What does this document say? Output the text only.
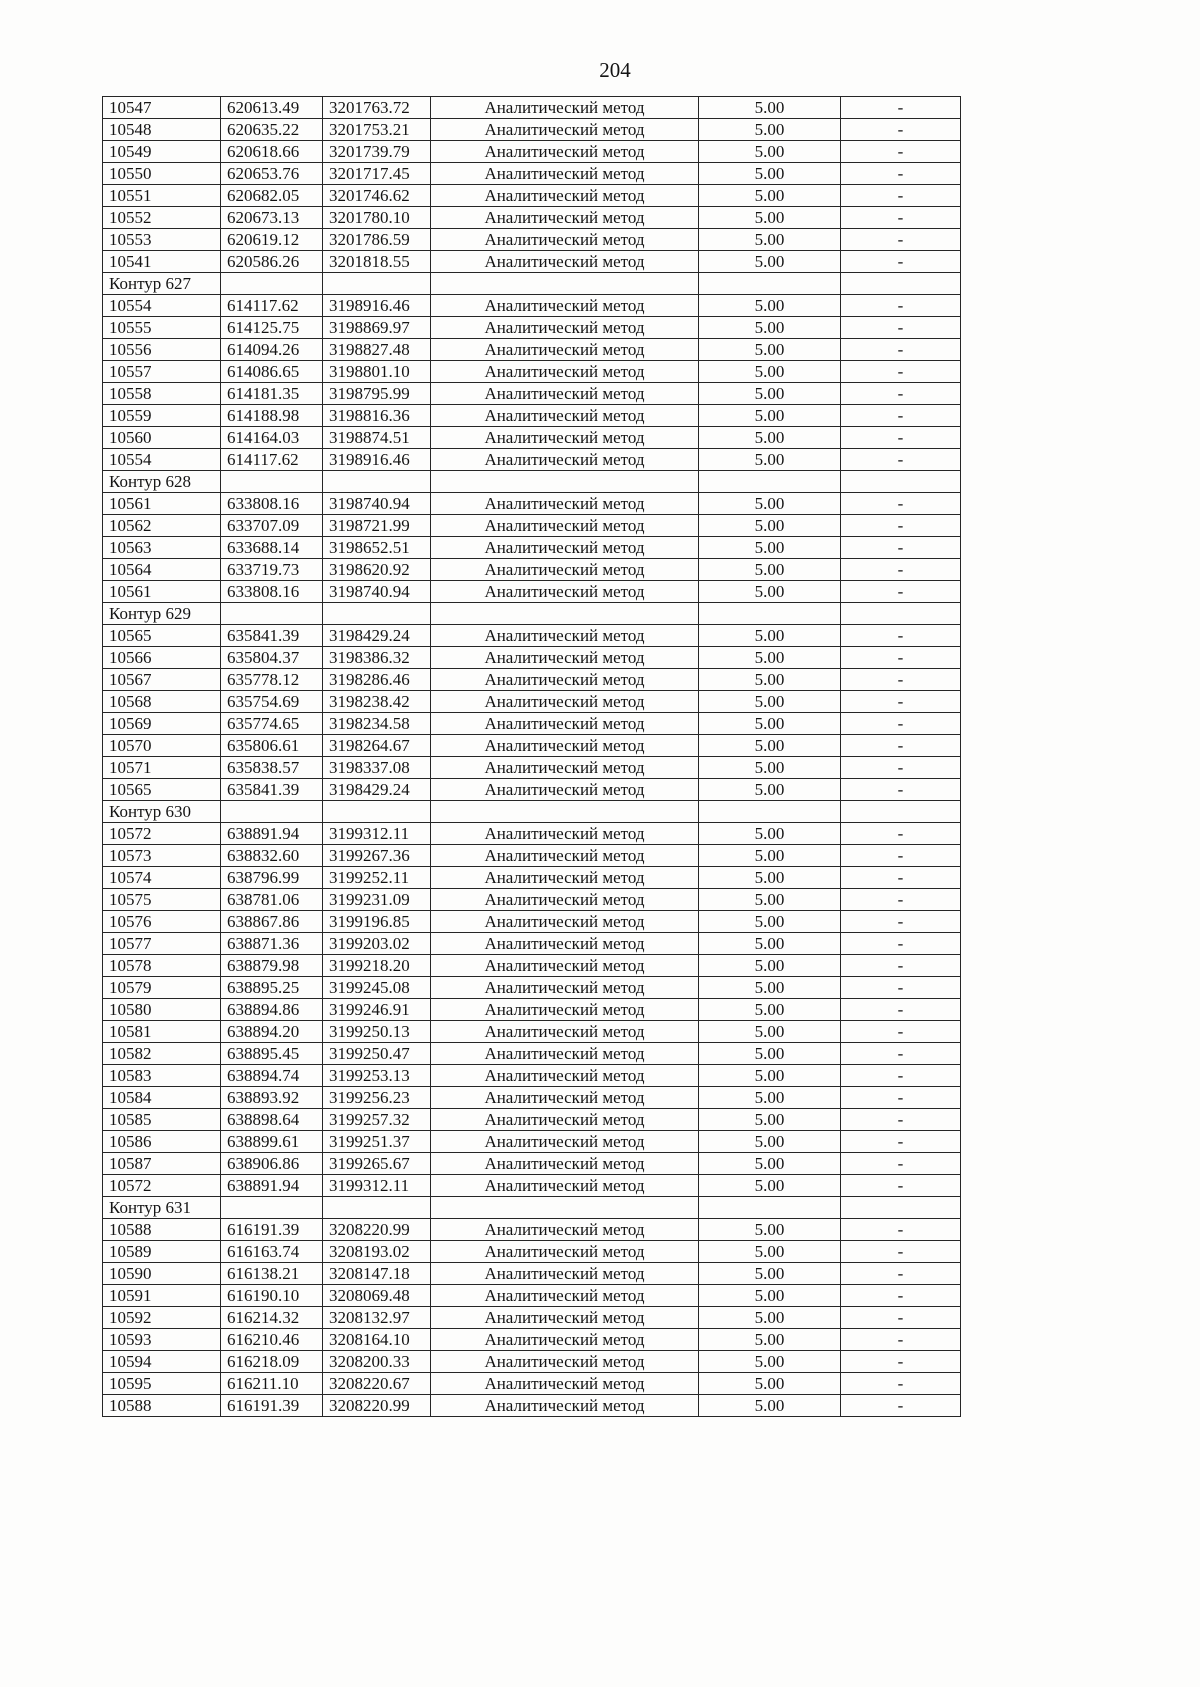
204
10547	620613.49	3201763.72	Аналитический метод	5.00	-
10548	620635.22	3201753.21	Аналитический метод	5.00	-
10549	620618.66	3201739.79	Аналитический метод	5.00	-
10550	620653.76	3201717.45	Аналитический метод	5.00	-
10551	620682.05	3201746.62	Аналитический метод	5.00	-
10552	620673.13	3201780.10	Аналитический метод	5.00	-
10553	620619.12	3201786.59	Аналитический метод	5.00	-
10541	620586.26	3201818.55	Аналитический метод	5.00	-
Контур 627					
10554	614117.62	3198916.46	Аналитический метод	5.00	-
10555	614125.75	3198869.97	Аналитический метод	5.00	-
10556	614094.26	3198827.48	Аналитический метод	5.00	-
10557	614086.65	3198801.10	Аналитический метод	5.00	-
10558	614181.35	3198795.99	Аналитический метод	5.00	-
10559	614188.98	3198816.36	Аналитический метод	5.00	-
10560	614164.03	3198874.51	Аналитический метод	5.00	-
10554	614117.62	3198916.46	Аналитический метод	5.00	-
Контур 628					
10561	633808.16	3198740.94	Аналитический метод	5.00	-
10562	633707.09	3198721.99	Аналитический метод	5.00	-
10563	633688.14	3198652.51	Аналитический метод	5.00	-
10564	633719.73	3198620.92	Аналитический метод	5.00	-
10561	633808.16	3198740.94	Аналитический метод	5.00	-
Контур 629					
10565	635841.39	3198429.24	Аналитический метод	5.00	-
10566	635804.37	3198386.32	Аналитический метод	5.00	-
10567	635778.12	3198286.46	Аналитический метод	5.00	-
10568	635754.69	3198238.42	Аналитический метод	5.00	-
10569	635774.65	3198234.58	Аналитический метод	5.00	-
10570	635806.61	3198264.67	Аналитический метод	5.00	-
10571	635838.57	3198337.08	Аналитический метод	5.00	-
10565	635841.39	3198429.24	Аналитический метод	5.00	-
Контур 630					
10572	638891.94	3199312.11	Аналитический метод	5.00	-
10573	638832.60	3199267.36	Аналитический метод	5.00	-
10574	638796.99	3199252.11	Аналитический метод	5.00	-
10575	638781.06	3199231.09	Аналитический метод	5.00	-
10576	638867.86	3199196.85	Аналитический метод	5.00	-
10577	638871.36	3199203.02	Аналитический метод	5.00	-
10578	638879.98	3199218.20	Аналитический метод	5.00	-
10579	638895.25	3199245.08	Аналитический метод	5.00	-
10580	638894.86	3199246.91	Аналитический метод	5.00	-
10581	638894.20	3199250.13	Аналитический метод	5.00	-
10582	638895.45	3199250.47	Аналитический метод	5.00	-
10583	638894.74	3199253.13	Аналитический метод	5.00	-
10584	638893.92	3199256.23	Аналитический метод	5.00	-
10585	638898.64	3199257.32	Аналитический метод	5.00	-
10586	638899.61	3199251.37	Аналитический метод	5.00	-
10587	638906.86	3199265.67	Аналитический метод	5.00	-
10572	638891.94	3199312.11	Аналитический метод	5.00	-
Контур 631					
10588	616191.39	3208220.99	Аналитический метод	5.00	-
10589	616163.74	3208193.02	Аналитический метод	5.00	-
10590	616138.21	3208147.18	Аналитический метод	5.00	-
10591	616190.10	3208069.48	Аналитический метод	5.00	-
10592	616214.32	3208132.97	Аналитический метод	5.00	-
10593	616210.46	3208164.10	Аналитический метод	5.00	-
10594	616218.09	3208200.33	Аналитический метод	5.00	-
10595	616211.10	3208220.67	Аналитический метод	5.00	-
10588	616191.39	3208220.99	Аналитический метод	5.00	-
